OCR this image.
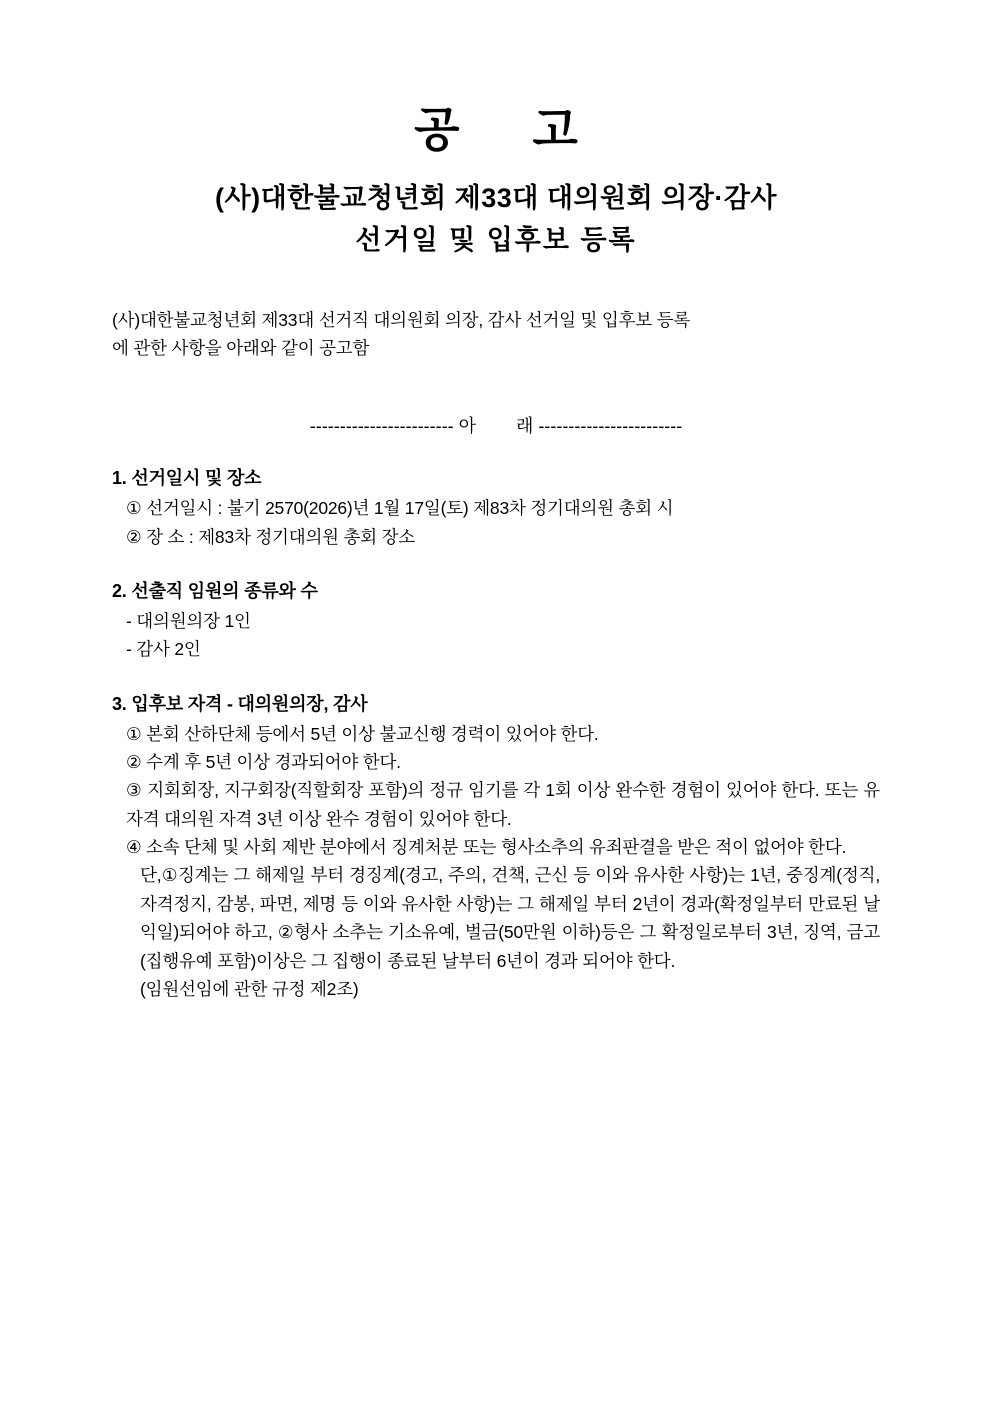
공 고
(사)대한불교청년회 제33대 대의원회 의장·감사
선거일 및 입후보 등록
(사)대한불교청년회 제33대 선거직 대의원회 의장, 감사 선거일 및 입후보 등록
에 관한 사항을 아래와 같이 공고함
------------------------ 아        래 ------------------------
1. 선거일시 및 장소
① 선거일시 : 불기 2570(2026)년 1월 17일(토) 제83차 정기대의원 총회 시
② 장 소 : 제83차 정기대의원 총회 장소
2. 선출직 임원의 종류와 수
- 대의원의장 1인
- 감사 2인
3. 입후보 자격 - 대의원의장, 감사
① 본회 산하단체 등에서 5년 이상 불교신행 경력이 있어야 한다.
② 수계 후 5년 이상 경과되어야 한다.
③ 지회회장, 지구회장(직할회장 포함)의 정규 임기를 각 1회 이상 완수한 경험이 있어야 한다. 또는 유자격 대의원 자격 3년 이상 완수 경험이 있어야 한다.
④ 소속 단체 및 사회 제반 분야에서 징계처분 또는 형사소추의 유죄판결을 받은 적이 없어야 한다.
단,①징계는 그 해제일 부터 경징계(경고, 주의, 견책, 근신 등 이와 유사한 사항)는 1년, 중징계(정직, 자격정지, 감봉, 파면, 제명 등 이와 유사한 사항)는 그 해제일 부터 2년이 경과(확정일부터 만료된 날 익일)되어야 하고, ②형사 소추는 기소유예, 벌금(50만원 이하)등은 그 확정일로부터 3년, 징역, 금고(집행유예 포함)이상은 그 집행이 종료된 날부터 6년이 경과 되어야 한다.
(임원선임에 관한 규정 제2조)
